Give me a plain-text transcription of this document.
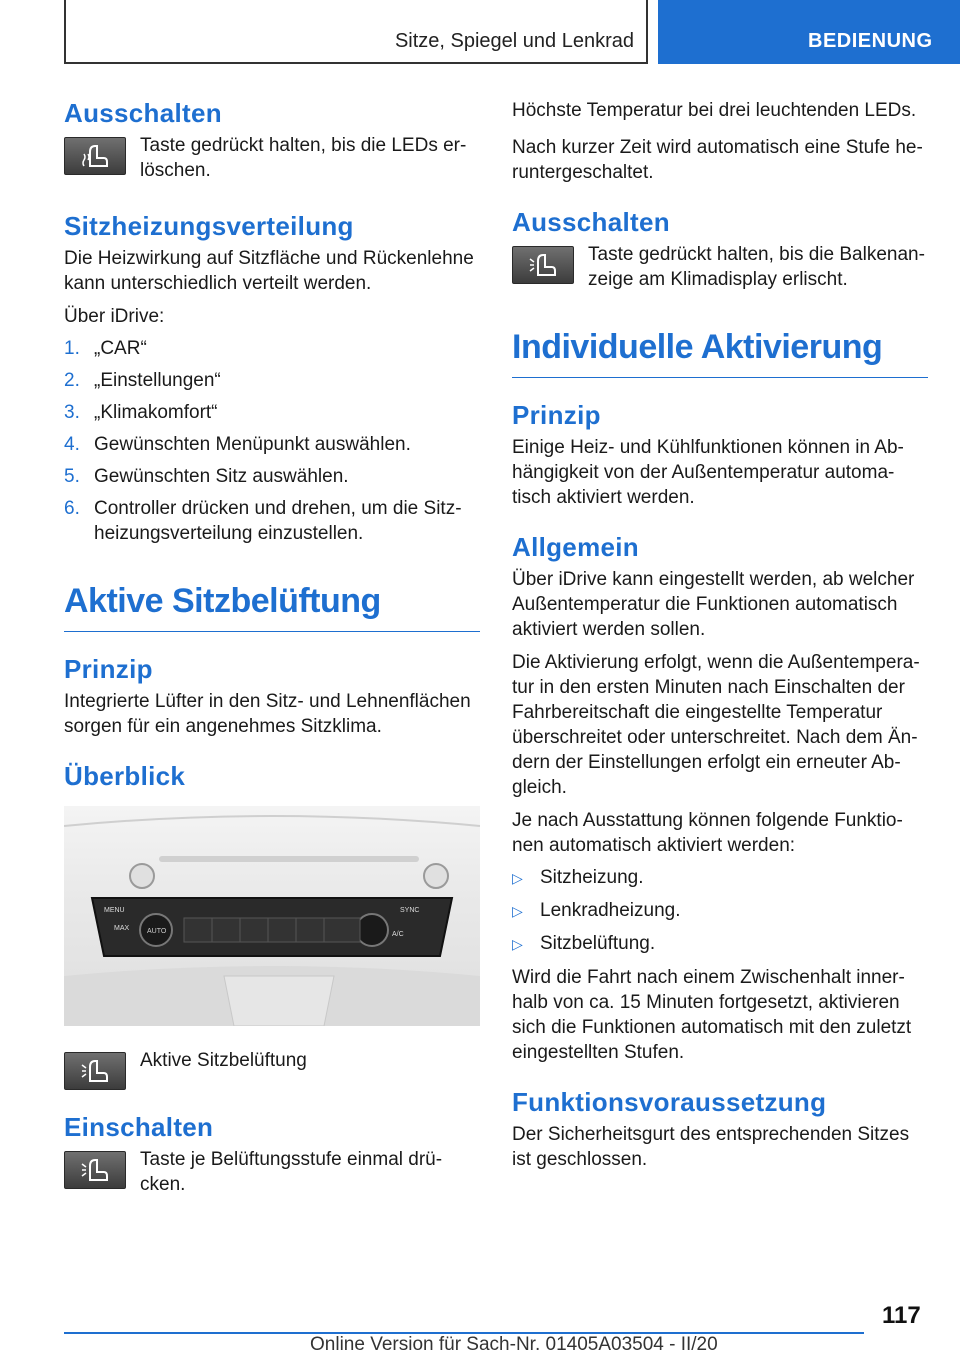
Sitze, Spiegel und Lenkrad	BEDIENUNG
Ausschalten

Taste gedrückt halten, bis die LEDs er‐löschen.

Sitzheizungsverteilung

Die Heizwirkung auf Sitzfläche und Rückenlehne kann unterschiedlich verteilt werden.

Über iDrive:

1. „CAR“
2. „Einstellungen“
3. „Klimakomfort“
4. Gewünschten Menüpunkt auswählen.
5. Gewünschten Sitz auswählen.
6. Controller drücken und drehen, um die Sitz‐heizungsverteilung einzustellen.
Aktive Sitzbelüftung
Prinzip

Integrierte Lüfter in den Sitz- und Lehnenflächen sorgen für ein angenehmes Sitzklima.

Überblick
MENU
MAX
SYNC
A/C
AUTO

Aktive Sitzbelüftung

Einschalten

Taste je Belüftungsstufe einmal drü‐cken.

Höchste Temperatur bei drei leuchtenden LEDs.

Nach kurzer Zeit wird automatisch eine Stufe he‐runtergeschaltet.

Ausschalten

Taste gedrückt halten, bis die Balkenan‐zeige am Klimadisplay erlischt.

Individuelle Aktivierung
Prinzip

Einige Heiz- und Kühlfunktionen können in Ab‐hängigkeit von der Außentemperatur automa‐tisch aktiviert werden.

Allgemein

Über iDrive kann eingestellt werden, ab welcher Außentemperatur die Funktionen automatisch aktiviert werden sollen.

Die Aktivierung erfolgt, wenn die Außentempera‐tur in den ersten Minuten nach Einschalten der Fahrbereitschaft die eingestellte Temperatur überschreitet oder unterschreitet. Nach dem Än‐dern der Einstellungen erfolgt ein erneuter Ab‐gleich.

Je nach Ausstattung können folgende Funktio‐nen automatisch aktiviert werden:

▷ Sitzheizung.
▷ Lenkradheizung.
▷ Sitzbelüftung.

Wird die Fahrt nach einem Zwischenhalt inner‐halb von ca. 15 Minuten fortgesetzt, aktivieren sich die Funktionen automatisch mit den zuletzt eingestellten Stufen.

Funktionsvoraussetzung

Der Sicherheitsgurt des entsprechenden Sitzes ist geschlossen.

117
Online Version für Sach-Nr. 01405A03504 - II/20
